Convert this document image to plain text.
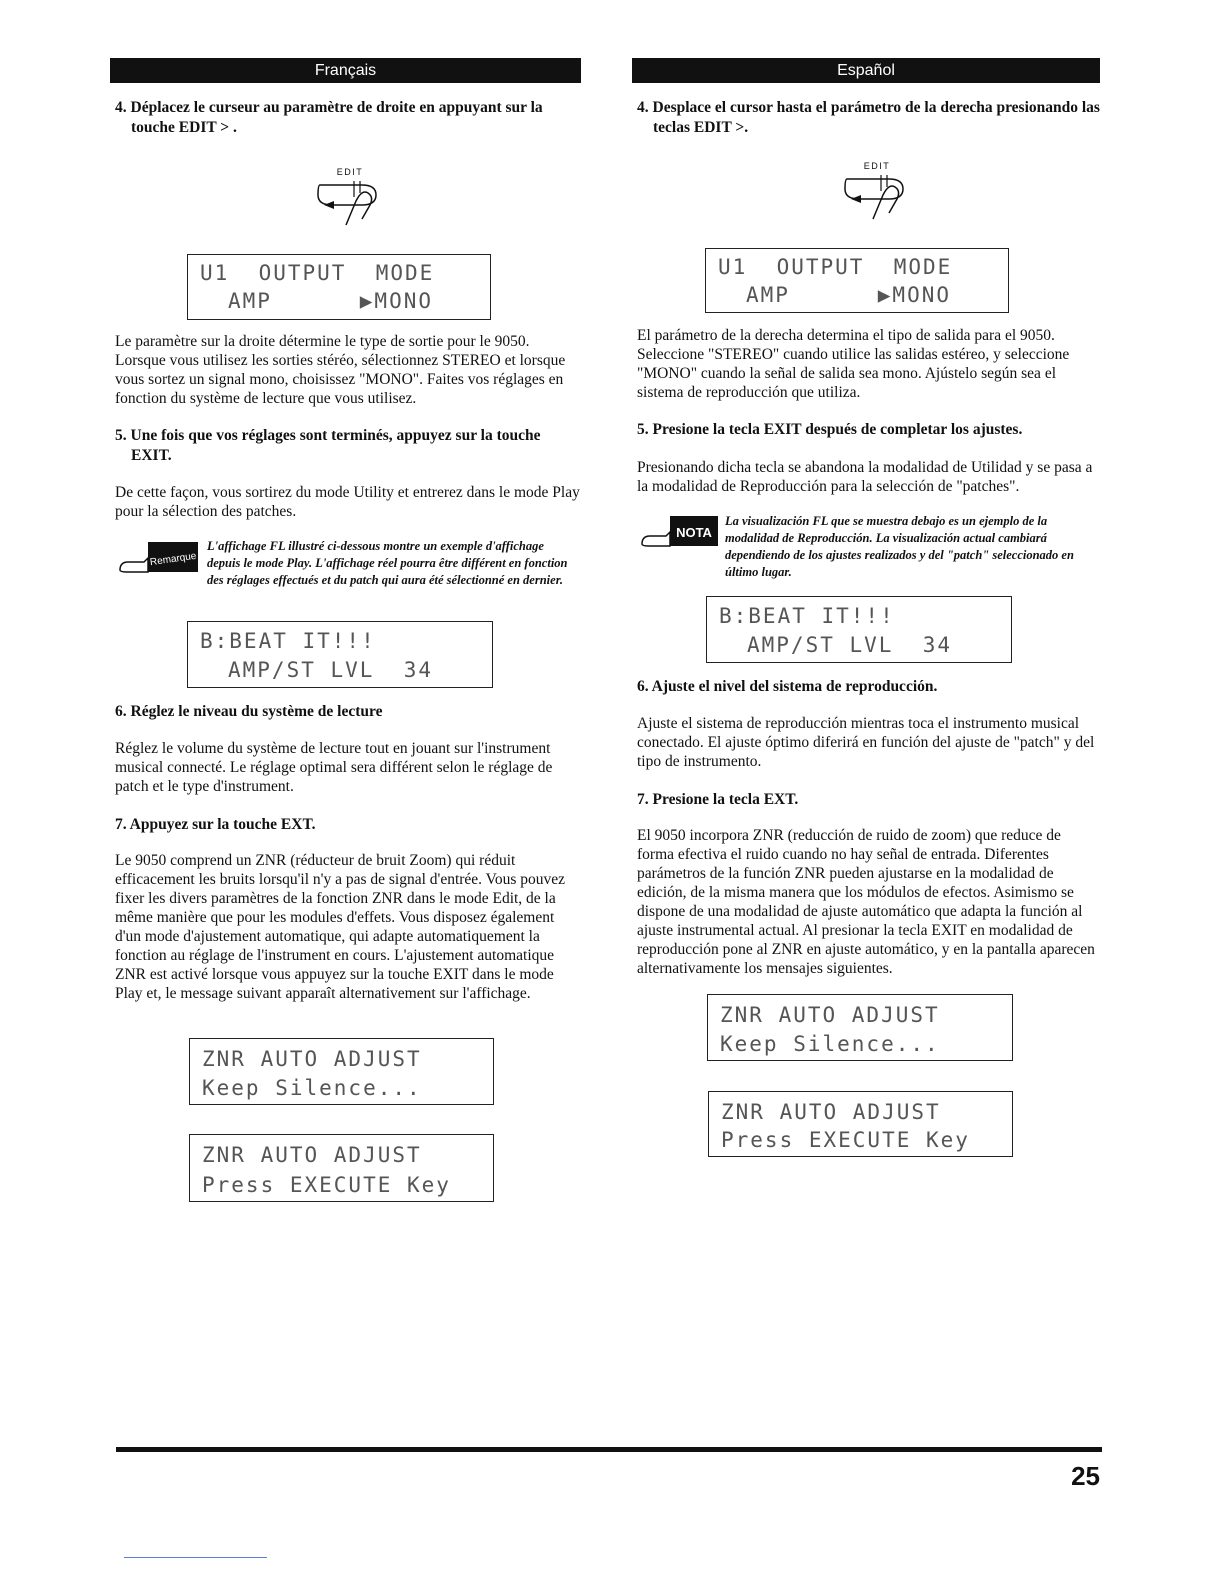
Français
4. Déplacez le curseur au paramètre de droite en appuyant sur la touche EDIT > .
EDIT
U1  OUTPUT  MODE
AMP      ▶MONO
Le paramètre sur la droite détermine le type de sortie pour le 9050. Lorsque vous utilisez les sorties stéréo, sélectionnez STEREO et lorsque vous sortez un signal mono, choisissez "MONO". Faites vos réglages en fonction du système de lecture que vous utilisez.
5. Une fois que vos réglages sont terminés, appuyez sur la touche EXIT.
De cette façon, vous sortirez du mode Utility et entrerez dans le mode Play pour la sélection des patches.
Remarque
L'affichage FL illustré ci-dessous montre un exemple d'affichage depuis le mode Play. L'affichage réel pourra être différent en fonction des réglages effectués et du patch qui aura été sélectionné en dernier.
B:BEAT IT!!!
AMP/ST LVL  34
6. Réglez le niveau du système de lecture
Réglez le volume du système de lecture tout en jouant sur l'instrument musical connecté. Le réglage optimal sera différent selon le réglage de patch et le type d'instrument.
7. Appuyez sur la touche EXT.
Le 9050 comprend un ZNR (réducteur de bruit Zoom) qui réduit efficacement les bruits lorsqu'il n'y a pas de signal d'entrée. Vous pouvez fixer les divers paramètres de la fonction ZNR dans le mode Edit, de la même manière que pour les modules d'effets. Vous disposez également d'un mode d'ajustement automatique, qui adapte automatiquement la fonction au réglage de l'instrument en cours. L'ajustement automatique ZNR est activé lorsque vous appuyez sur la touche EXIT dans le mode Play et, le message suivant apparaît alternativement sur l'affichage.
ZNR AUTO ADJUST
Keep Silence...
ZNR AUTO ADJUST
Press EXECUTE Key
Español
4. Desplace el cursor hasta el parámetro de la derecha presionando las teclas EDIT >.
EDIT
U1  OUTPUT  MODE
AMP      ▶MONO
El parámetro de la derecha determina el tipo de salida para el 9050. Seleccione "STEREO" cuando utilice las salidas estéreo, y seleccione "MONO" cuando la señal de salida sea mono. Ajústelo según sea el sistema de reproducción que utiliza.
5. Presione la tecla EXIT después de completar los ajustes.
Presionando dicha tecla se abandona la modalidad de Utilidad y se pasa a la modalidad de Reproducción para la selección de "patches".
NOTA
La visualización FL que se muestra debajo es un ejemplo de la modalidad de Reproducción. La visualización actual cambiará dependiendo de los ajustes realizados y del "patch" seleccionado en último lugar.
B:BEAT IT!!!
AMP/ST LVL  34
6. Ajuste el nivel del sistema de reproducción.
Ajuste el sistema de reproducción mientras toca el instrumento musical conectado. El ajuste óptimo diferirá en función del ajuste de "patch" y del tipo de instrumento.
7. Presione la tecla EXT.
El 9050 incorpora ZNR (reducción de ruido de zoom) que reduce de forma efectiva el ruido cuando no hay señal de entrada. Diferentes parámetros de la función ZNR pueden ajustarse en la modalidad de edición, de la misma manera que los módulos de efectos. Asimismo se dispone de una modalidad de ajuste automático que adapta la función al ajuste instrumental actual. Al presionar la tecla EXIT en modalidad de reproducción pone al ZNR en ajuste automático, y en la pantalla aparecen alternativamente los mensajes siguientes.
ZNR AUTO ADJUST
Keep Silence...
ZNR AUTO ADJUST
Press EXECUTE Key
25
